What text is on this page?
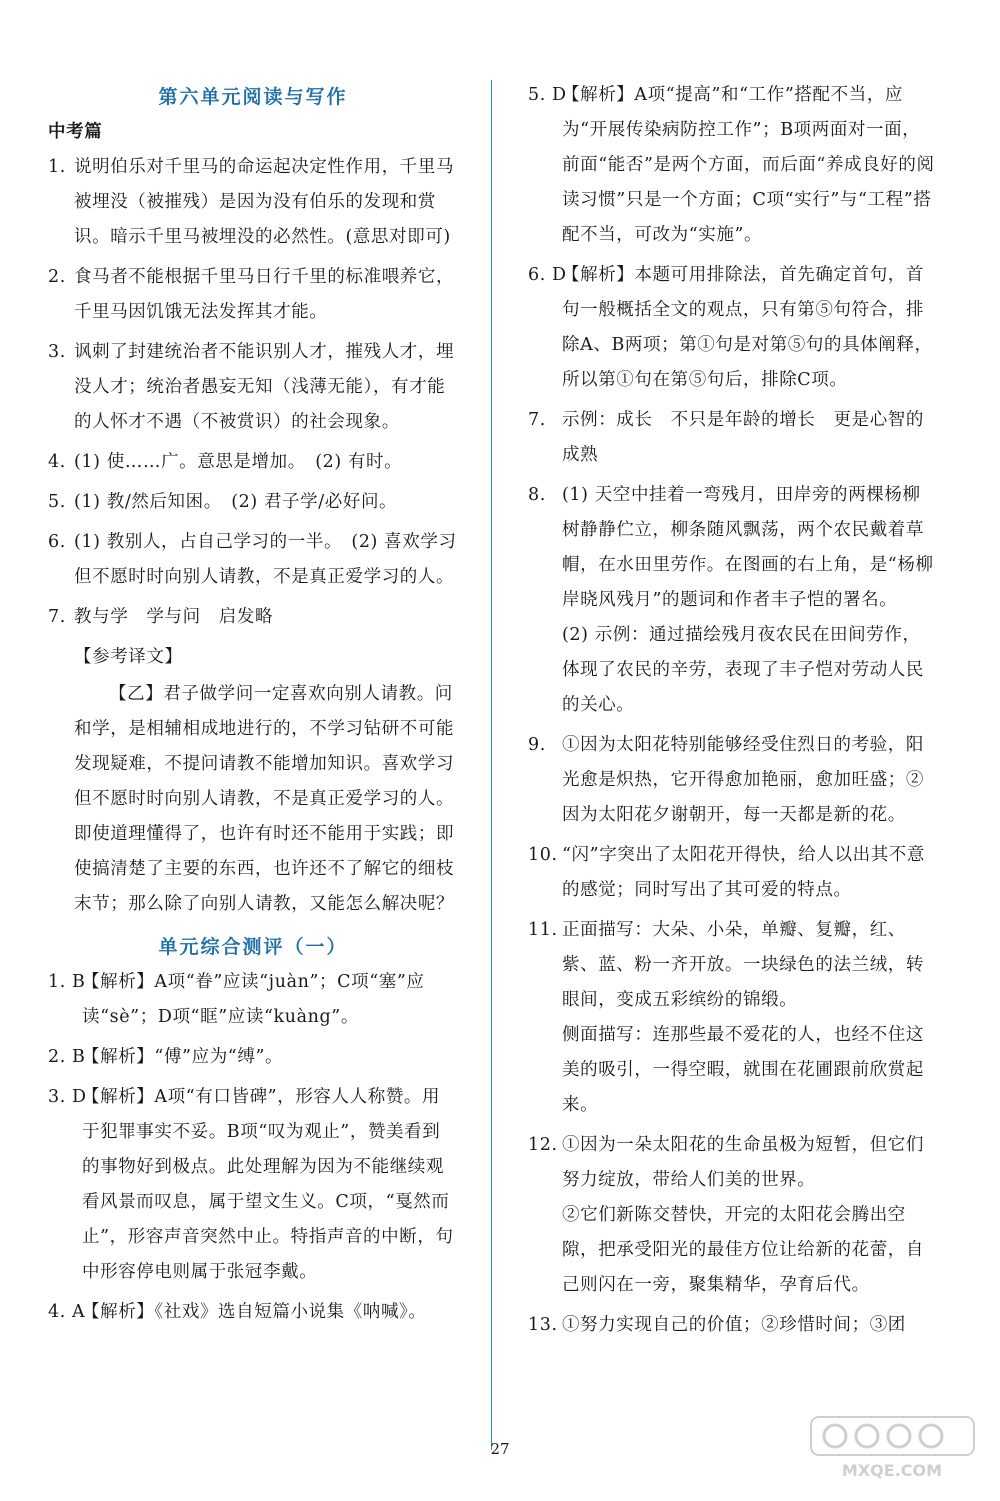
第六单元阅读与写作

中考篇

1. 说明伯乐对千里马的命运起决定性作用，千里马被埋没（被摧残）是因为没有伯乐的发现和赏识。暗示千里马被埋没的必然性。(意思对即可)

2. 食马者不能根据千里马日行千里的标准喂养它，千里马因饥饿无法发挥其才能。

3. 讽刺了封建统治者不能识别人才，摧残人才，埋没人才；统治者愚妄无知（浅薄无能），有才能的人怀才不遇（不被赏识）的社会现象。

4. (1) 使……广。意思是增加。　(2) 有时。

5. (1) 教/然后知困。　(2) 君子学/必好问。

6. (1) 教别人，占自己学习的一半。　(2) 喜欢学习但不愿时时向别人请教，不是真正爱学习的人。

7. 教与学　学与问　启发略

【参考译文】

【乙】君子做学问一定喜欢向别人请教。问和学，是相辅相成地进行的，不学习钻研不可能发现疑难，不提问请教不能增加知识。喜欢学习但不愿时时向别人请教，不是真正爱学习的人。即使道理懂得了，也许有时还不能用于实践；即使搞清楚了主要的东西，也许还不了解它的细枝末节；那么除了向别人请教，又能怎么解决呢？

单元综合测评（一）

1. B

【解析】A项“眷”应读“juàn”；C项“塞”应读“sè”；D项“眶”应读“kuàng”。

2. B

【解析】“傅”应为“缚”。

3. D

【解析】A项“有口皆碑”，形容人人称赞。用于犯罪事实不妥。B项“叹为观止”，赞美看到的事物好到极点。此处理解为因为不能继续观看风景而叹息，属于望文生义。C项，“戛然而止”，形容声音突然中止。特指声音的中断，句中形容停电则属于张冠李戴。

4. A

【解析】《社戏》选自短篇小说集《呐喊》。

5. D

【解析】A项“提高”和“工作”搭配不当，应为“开展传染病防控工作”；B项两面对一面，前面“能否”是两个方面，而后面“养成良好的阅读习惯”只是一个方面；C项“实行”与“工程”搭配不当，可改为“实施”。

6. D

【解析】本题可用排除法，首先确定首句，首句一般概括全文的观点，只有第⑤句符合，排除A、B两项；第①句是对第⑤句的具体阐释，所以第①句在第⑤句后，排除C项。

7. 示例：成长　不只是年龄的增长　更是心智的成熟

8. (1) 天空中挂着一弯残月，田岸旁的两棵杨柳树静静伫立，柳条随风飘荡，两个农民戴着草帽，在水田里劳作。在图画的右上角，是“杨柳岸晓风残月”的题词和作者丰子恺的署名。

(2) 示例：通过描绘残月夜农民在田间劳作，体现了农民的辛劳，表现了丰子恺对劳动人民的关心。

9. ①因为太阳花特别能够经受住烈日的考验，阳光愈是炽热，它开得愈加艳丽，愈加旺盛；②因为太阳花夕谢朝开，每一天都是新的花。

10. “闪”字突出了太阳花开得快，给人以出其不意的感觉；同时写出了其可爱的特点。

11. 正面描写：大朵、小朵，单瓣、复瓣，红、紫、蓝、粉一齐开放。一块绿色的法兰绒，转眼间，变成五彩缤纷的锦缎。

侧面描写：连那些最不爱花的人，也经不住这美的吸引，一得空暇，就围在花圃跟前欣赏起来。

12. ①因为一朵太阳花的生命虽极为短暂，但它们努力绽放，带给人们美的世界。

②它们新陈交替快，开完的太阳花会腾出空隙，把承受阳光的最佳方位让给新的花蕾，自己则闪在一旁，聚集精华，孕育后代。

13. ①努力实现自己的价值；②珍惜时间；③团

27
MXQE.COM
